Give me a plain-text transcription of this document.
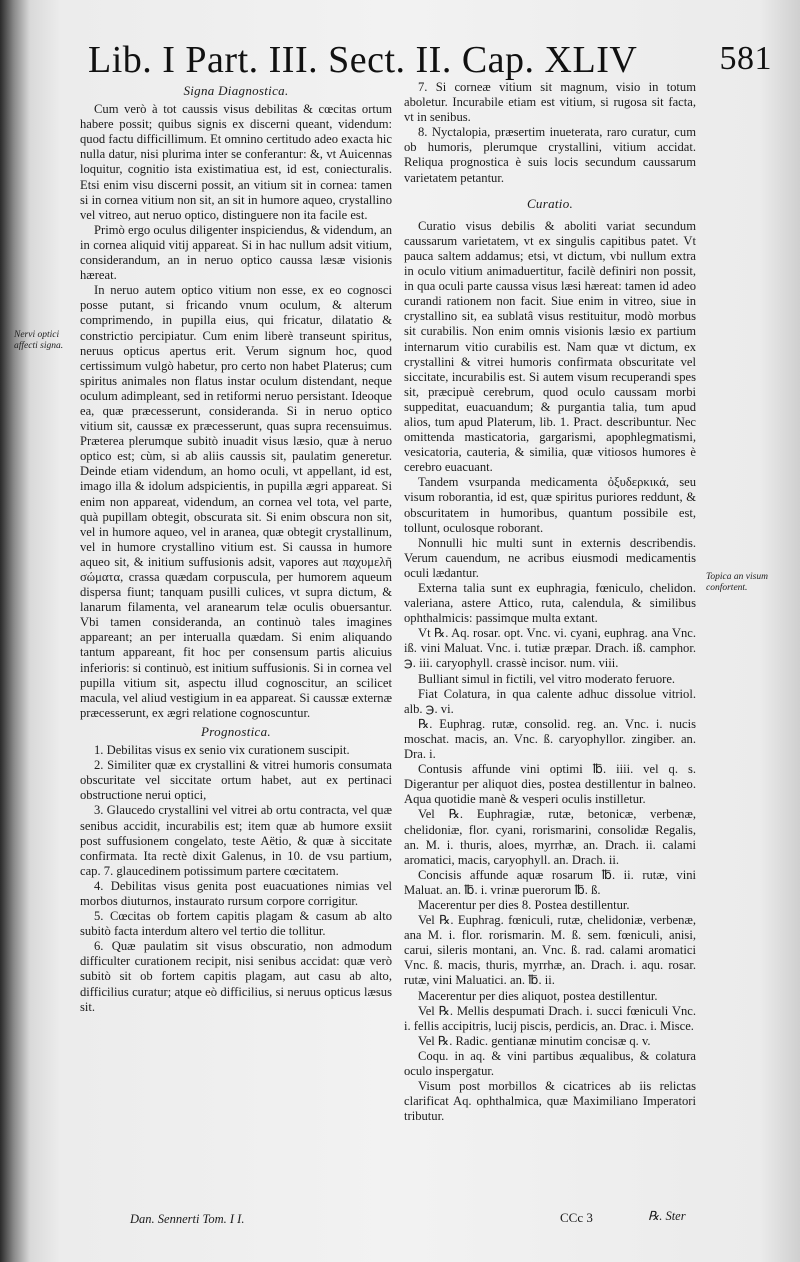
Lib. I Part. III. Sect. II. Cap. XLIV 581
Nervi optici affecti signa.
Topica an visum confortent.
Signa Diagnostica.

Cum verò à tot caussis visus debilitas & cœcitas ortum habere possit; quibus signis ex discerni queant, videndum: quod factu difficillimum. Et omnino certitudo adeo exacta hic nulla datur, nisi plurima inter se conferantur: &, vt Auicennas loquitur, cognitio ista existimatiua est, id est, coniecturalis. Etsi enim visu discerni possit, an vitium sit in cornea: tamen si in cornea vitium non sit, an sit in humore aqueo, crystallino vel vitreo, aut neruo optico, distinguere non ita facile est.

Primò ergo oculus diligenter inspiciendus, & videndum, an in cornea aliquid vitij appareat. Si in hac nullum adsit vitium, considerandum, an in neruo optico caussa læsæ visionis hæreat.

In neruo autem optico vitium non esse, ex eo cognosci posse putant, si fricando vnum oculum, & alterum comprimendo, in pupilla eius, qui fricatur, dilatatio & constrictio percipiatur. Cum enim liberè transeunt spiritus, neruus opticus apertus erit. Verum signum hoc, quod certissimum vulgò habetur, pro certo non habet Platerus; cum spiritus animales non flatus instar oculum distendant, neque oculum adimpleant, sed in retiformi neruo persistant. Ideoque ea, quæ præcesserunt, consideranda. Si in neruo optico vitium sit, caussæ ex præcesserunt, quas supra recensuimus. Præterea plerumque subitò inuadit visus læsio, quæ à neruo optico est; cùm, si ab aliis caussis sit, paulatim generetur. Deinde etiam videndum, an homo oculi, vt appellant, id est, imago illa & idolum adspicientis, in pupilla ægri appareat. Si enim non appareat, videndum, an cornea vel tota, vel parte, quà pupillam obtegit, obscurata sit. Si enim obscura non sit, vel in humore aqueo, vel in aranea, quæ obtegit crystallinum, vel in humore crystallino vitium est. Si caussa in humore aqueo sit, & initium suffusionis adsit, vapores aut παχυμελῆ σώματα, crassa quædam corpuscula, per humorem aqueum dispersa fiunt; tanquam pusilli culices, vt supra dictum, & lanarum filamenta, vel aranearum telæ oculis obuersantur. Vbi tamen consideranda, an continuò tales imagines appareant; an per interualla quædam. Si enim aliquando tantum appareant, fit hoc per consensum partis alicuius inferioris: si continuò, est initium suffusionis. Si in cornea vel pupilla vitium sit, aspectu illud cognoscitur, an scilicet macula, vel aliud vestigium in ea appareat. Si caussæ externæ præcesserunt, ex ægri relatione cognoscuntur.

Prognostica.

1. Debilitas visus ex senio vix curationem suscipit.

2. Similiter quæ ex crystallini & vitrei humoris consumata obscuritate vel siccitate ortum habet, aut ex pertinaci obstructione nerui optici,

3. Glaucedo crystallini vel vitrei ab ortu contracta, vel quæ senibus accidit, incurabilis est; item quæ ab humore exsiit post suffusionem congelato, teste Aëtio, & quæ à siccitate confirmata. Ita rectè dixit Galenus, in 10. de vsu partium, cap. 7. glaucedinem potissimum partere cœcitatem.

4. Debilitas visus genita post euacuationes nimias vel morbos diuturnos, instaurato rursum corpore corrigitur.

5. Cœcitas ob fortem capitis plagam & casum ab alto subitò facta interdum altero vel tertio die tollitur.

6. Quæ paulatim sit visus obscuratio, non admodum difficulter curationem recipit, nisi senibus accidat: quæ verò subitò sit ob fortem capitis plagam, aut casu ab alto, difficilius curatur; atque eò difficilius, si neruus opticus læsus sit.

7. Si corneæ vitium sit magnum, visio in totum aboletur. Incurabile etiam est vitium, si rugosa sit facta, vt in senibus.

8. Nyctalopia, præsertim inueterata, raro curatur, cum ob humoris, plerumque crystallini, vitium accidat. Reliqua prognostica è suis locis secundum caussarum varietatem petantur.

Curatio.

Curatio visus debilis & aboliti variat secundum caussarum varietatem, vt ex singulis capitibus patet. Vt pauca saltem addamus; etsi, vt dictum, vbi nullum extra in oculo vitium animaduertitur, facilè definiri non possit, in qua oculi parte caussa visus læsi hæreat: tamen id adeo curandi rationem non facit. Siue enim in vitreo, siue in crystallino sit, ea sublatâ visus restituitur, modò morbus sit curabilis. Non enim omnis visionis læsio ex partium internarum vitio curabilis est. Nam quæ vt dictum, ex crystallini & vitrei humoris confirmata obscuritate vel siccitate, incurabilis est. Si autem visum recuperandi spes sit, præcipuè cerebrum, quod oculo caussam morbi suppeditat, euacuandum; & purgantia talia, tum apud alios, tum apud Platerum, lib. 1. Pract. describuntur. Nec omittenda masticatoria, gargarismi, apophlegmatismi, vesicatoria, cauteria, & similia, quæ vitiosos humores è cerebro euacuant.

Tandem vsurpanda medicamenta ὀξυδερκικά, seu visum roborantia, id est, quæ spiritus puriores reddunt, & obscuritatem in humoribus, quantum possibile est, tollunt, oculosque roborant.

Nonnulli hic multi sunt in externis describendis. Verum cauendum, ne acribus eiusmodi medicamentis oculi lædantur.

Externa talia sunt ex euphragia, fœniculo, chelidon. valeriana, astere Attico, ruta, calendula, & similibus ophthalmicis: passimque multa extant.

Vt ℞. Aq. rosar. opt. Vnc. vi. cyani, euphrag. ana Vnc. iß. vini Maluat. Vnc. i. tutiæ præpar. Drach. iß. camphor. ℈. iii. caryophyll. crassè incisor. num. viii.

Bulliant simul in fictili, vel vitro moderato feruore.

Fiat Colatura, in qua calente adhuc dissolue vitriol. alb. ℈. vi.

℞. Euphrag. rutæ, consolid. reg. an. Vnc. i. nucis moschat. macis, an. Vnc. ß. caryophyllor. zingiber. an. Dra. i.

Contusis affunde vini optimi ℔. iiii. vel q. s. Digerantur per aliquot dies, postea destillentur in balneo. Aqua quotidie manè & vesperi oculis instilletur.

Vel ℞. Euphragiæ, rutæ, betonicæ, verbenæ, chelidoniæ, flor. cyani, rorismarini, consolidæ Regalis, an. M. i. thuris, aloes, myrrhæ, an. Drach. ii. calami aromatici, macis, caryophyll. an. Drach. ii.

Concisis affunde aquæ rosarum ℔. ii. rutæ, vini Maluat. an. ℔. i. vrinæ puerorum ℔. ß.

Macerentur per dies 8. Postea destillentur.

Vel ℞. Euphrag. fœniculi, rutæ, chelidoniæ, verbenæ, ana M. i. flor. rorismarin. M. ß. sem. fœniculi, anisi, carui, sileris montani, an. Vnc. ß. rad. calami aromatici Vnc. ß. macis, thuris, myrrhæ, an. Drach. i. aqu. rosar. rutæ, vini Maluatici. an. ℔. ii.

Macerentur per dies aliquot, postea destillentur.

Vel ℞. Mellis despumati Drach. i. succi fœniculi Vnc. i. fellis accipitris, lucij piscis, perdicis, an. Drac. i. Misce.

Vel ℞. Radic. gentianæ minutim concisæ q. v.

Coqu. in aq. & vini partibus æqualibus, & colatura oculo inspergatur.

Visum post morbillos & cicatrices ab iis relictas clarificat Aq. ophthalmica, quæ Maximiliano Imperatori tributur.

Dan. Sennerti Tom. I I.	CCc 3	℞. Ster
